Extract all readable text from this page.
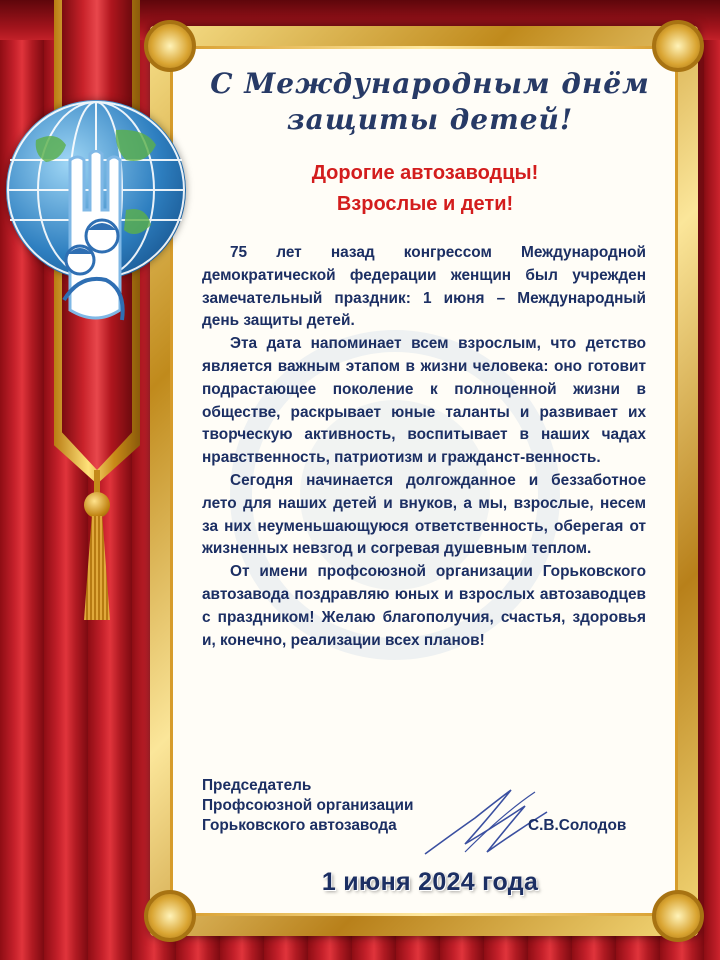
С Международным днём
защиты детей!
Дорогие автозаводцы!
Взрослые и дети!

75 лет назад конгрессом Международной демократической федерации женщин был учрежден замечательный праздник: 1 июня – Международный день защиты детей.

Эта дата напоминает всем взрослым, что детство является важным этапом в жизни человека: оно готовит подрастающее поколение к полноценной жизни в обществе, раскрывает юные таланты и развивает их творческую активность, воспитывает в наших чадах нравственность, патриотизм и гражданст-венность.

Сегодня начинается долгожданное и беззаботное лето для наших детей и внуков, а мы, взрослые, несем за них неуменьшающуюся ответственность, оберегая от жизненных невзгод и согревая душевным теплом.

От имени профсоюзной организации Горьковского автозавода поздравляю юных и взрослых автозаводцев с праздником! Желаю благополучия, счастья, здоровья и, конечно, реализации всех планов!

Председатель
Профсоюзной организации
Горьковского автозавода	С.В.Солодов
1 июня 2024 года
